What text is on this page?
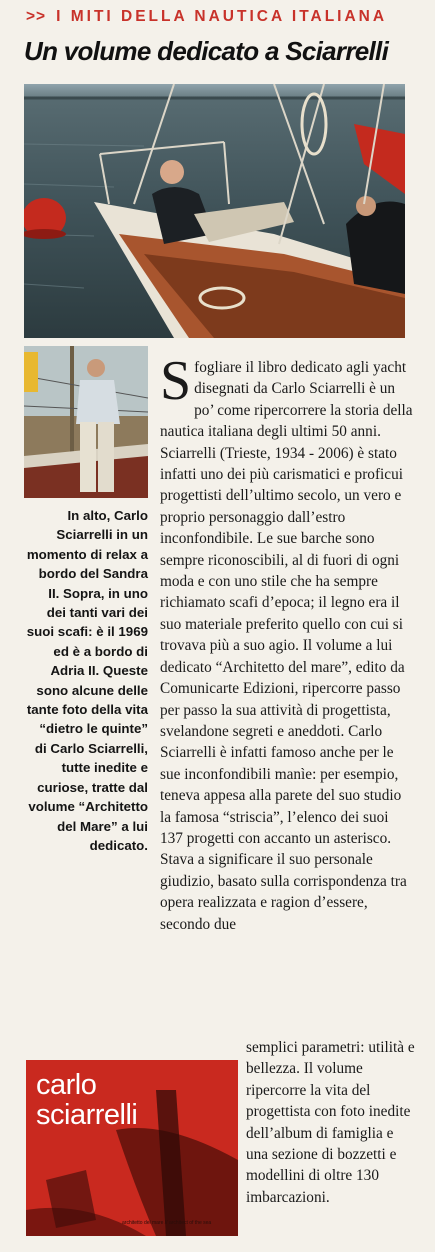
>> I MITI DELLA NAUTICA ITALIANA
Un volume dedicato a Sciarrelli
In alto, Carlo Sciarrelli in un momento di relax a bordo del Sandra II. Sopra, in uno dei tanti vari dei suoi scafi: è il 1969 ed è a bordo di Adria II. Queste sono alcune delle tante foto della vita “dietro le quinte” di Carlo Sciarrelli, tutte inedite e curiose, tratte dal volume “Architetto del Mare” a lui dedicato.
Sfogliare il libro dedicato agli yacht disegnati da Carlo Sciarrelli è un po’ come ripercorrere la storia della nautica italiana degli ultimi 50 anni. Sciarrelli (Trieste, 1934 - 2006) è stato infatti uno dei più carismatici e proficui progettisti dell’ultimo secolo, un vero e proprio personaggio dall’estro inconfondibile. Le sue barche sono sempre riconoscibili, al di fuori di ogni moda e con uno stile che ha sempre richiamato scafi d’epoca; il legno era il suo materiale preferito quello con cui si trovava più a suo agio. Il volume a lui dedicato “Architetto del mare”, edito da Comunicarte Edizioni, ripercorre passo per passo la sua attività di progettista, svelandone segreti e aneddoti. Carlo Sciarrelli è infatti famoso anche per le sue inconfondibili manìe: per esempio, teneva appesa alla parete del suo studio la famosa “striscia”, l’elenco dei suoi 137 progetti con accanto un asterisco. Stava a significare il suo personale giudizio, basato sulla corrispondenza tra opera realizzata e ragion d’essere, secondo due
semplici parametri: utilità e bellezza. Il volume ripercorre la vita del progettista con foto inedite dell’album di famiglia e una sezione di bozzetti e modellini di oltre 130 imbarcazioni.
carlo
sciarrelli
architetto del mare // architect of the sea
